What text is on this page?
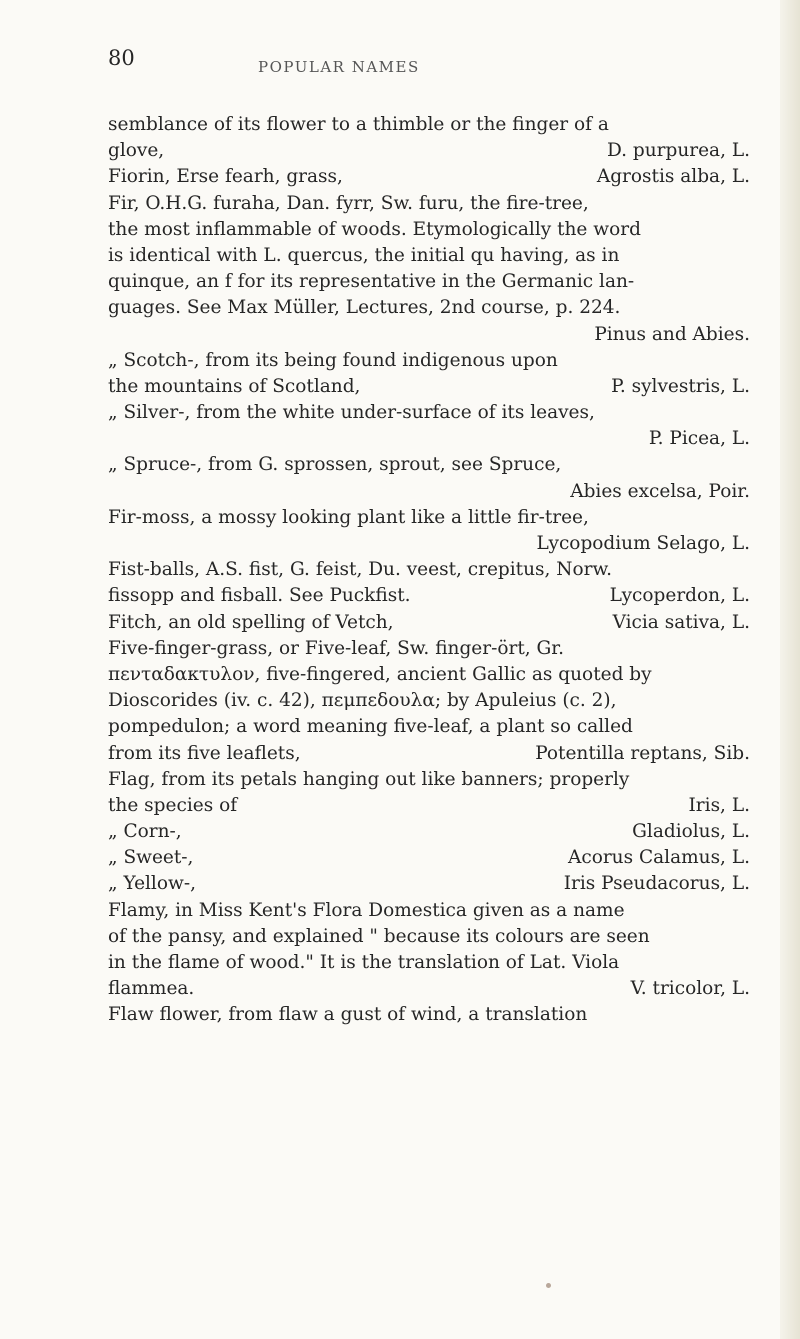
80	POPULAR NAMES
semblance of its flower to a thimble or the finger of a
glove,	D. purpurea, L.
Fiorin, Erse fearh, grass,	Agrostis alba, L.
Fir, O.H.G. furaha, Dan. fyrr, Sw. furu, the fire-tree,
the most inflammable of woods. Etymologically the word
is identical with L. quercus, the initial qu having, as in
quinque, an f for its representative in the Germanic lan-
guages. See Max Müller, Lectures, 2nd course, p. 224.
Pinus and Abies.
„ Scotch-, from its being found indigenous upon
the mountains of Scotland,	P. sylvestris, L.
„ Silver-, from the white under-surface of its leaves,
P. Picea, L.
„ Spruce-, from G. sprossen, sprout, see Spruce,
Abies excelsa, Poir.
Fir-moss, a mossy looking plant like a little fir-tree,
Lycopodium Selago, L.
Fist-balls, A.S. fist, G. feist, Du. veest, crepitus, Norw.
fissopp and fisball. See Puckfist.	Lycoperdon, L.
Fitch, an old spelling of Vetch,	Vicia sativa, L.
Five-finger-grass, or Five-leaf, Sw. finger-ört, Gr.
πενταδακτυλον, five-fingered, ancient Gallic as quoted by
Dioscorides (iv. c. 42), πεμπεδουλα; by Apuleius (c. 2),
pompedulon; a word meaning five-leaf, a plant so called
from its five leaflets,	Potentilla reptans, Sib.
Flag, from its petals hanging out like banners; properly
the species of	Iris, L.
„ Corn-,	Gladiolus, L.
„ Sweet-,	Acorus Calamus, L.
„ Yellow-,	Iris Pseudacorus, L.
Flamy, in Miss Kent's Flora Domestica given as a name
of the pansy, and explained " because its colours are seen
in the flame of wood." It is the translation of Lat. Viola
flammea.	V. tricolor, L.
Flaw flower, from flaw a gust of wind, a translation
